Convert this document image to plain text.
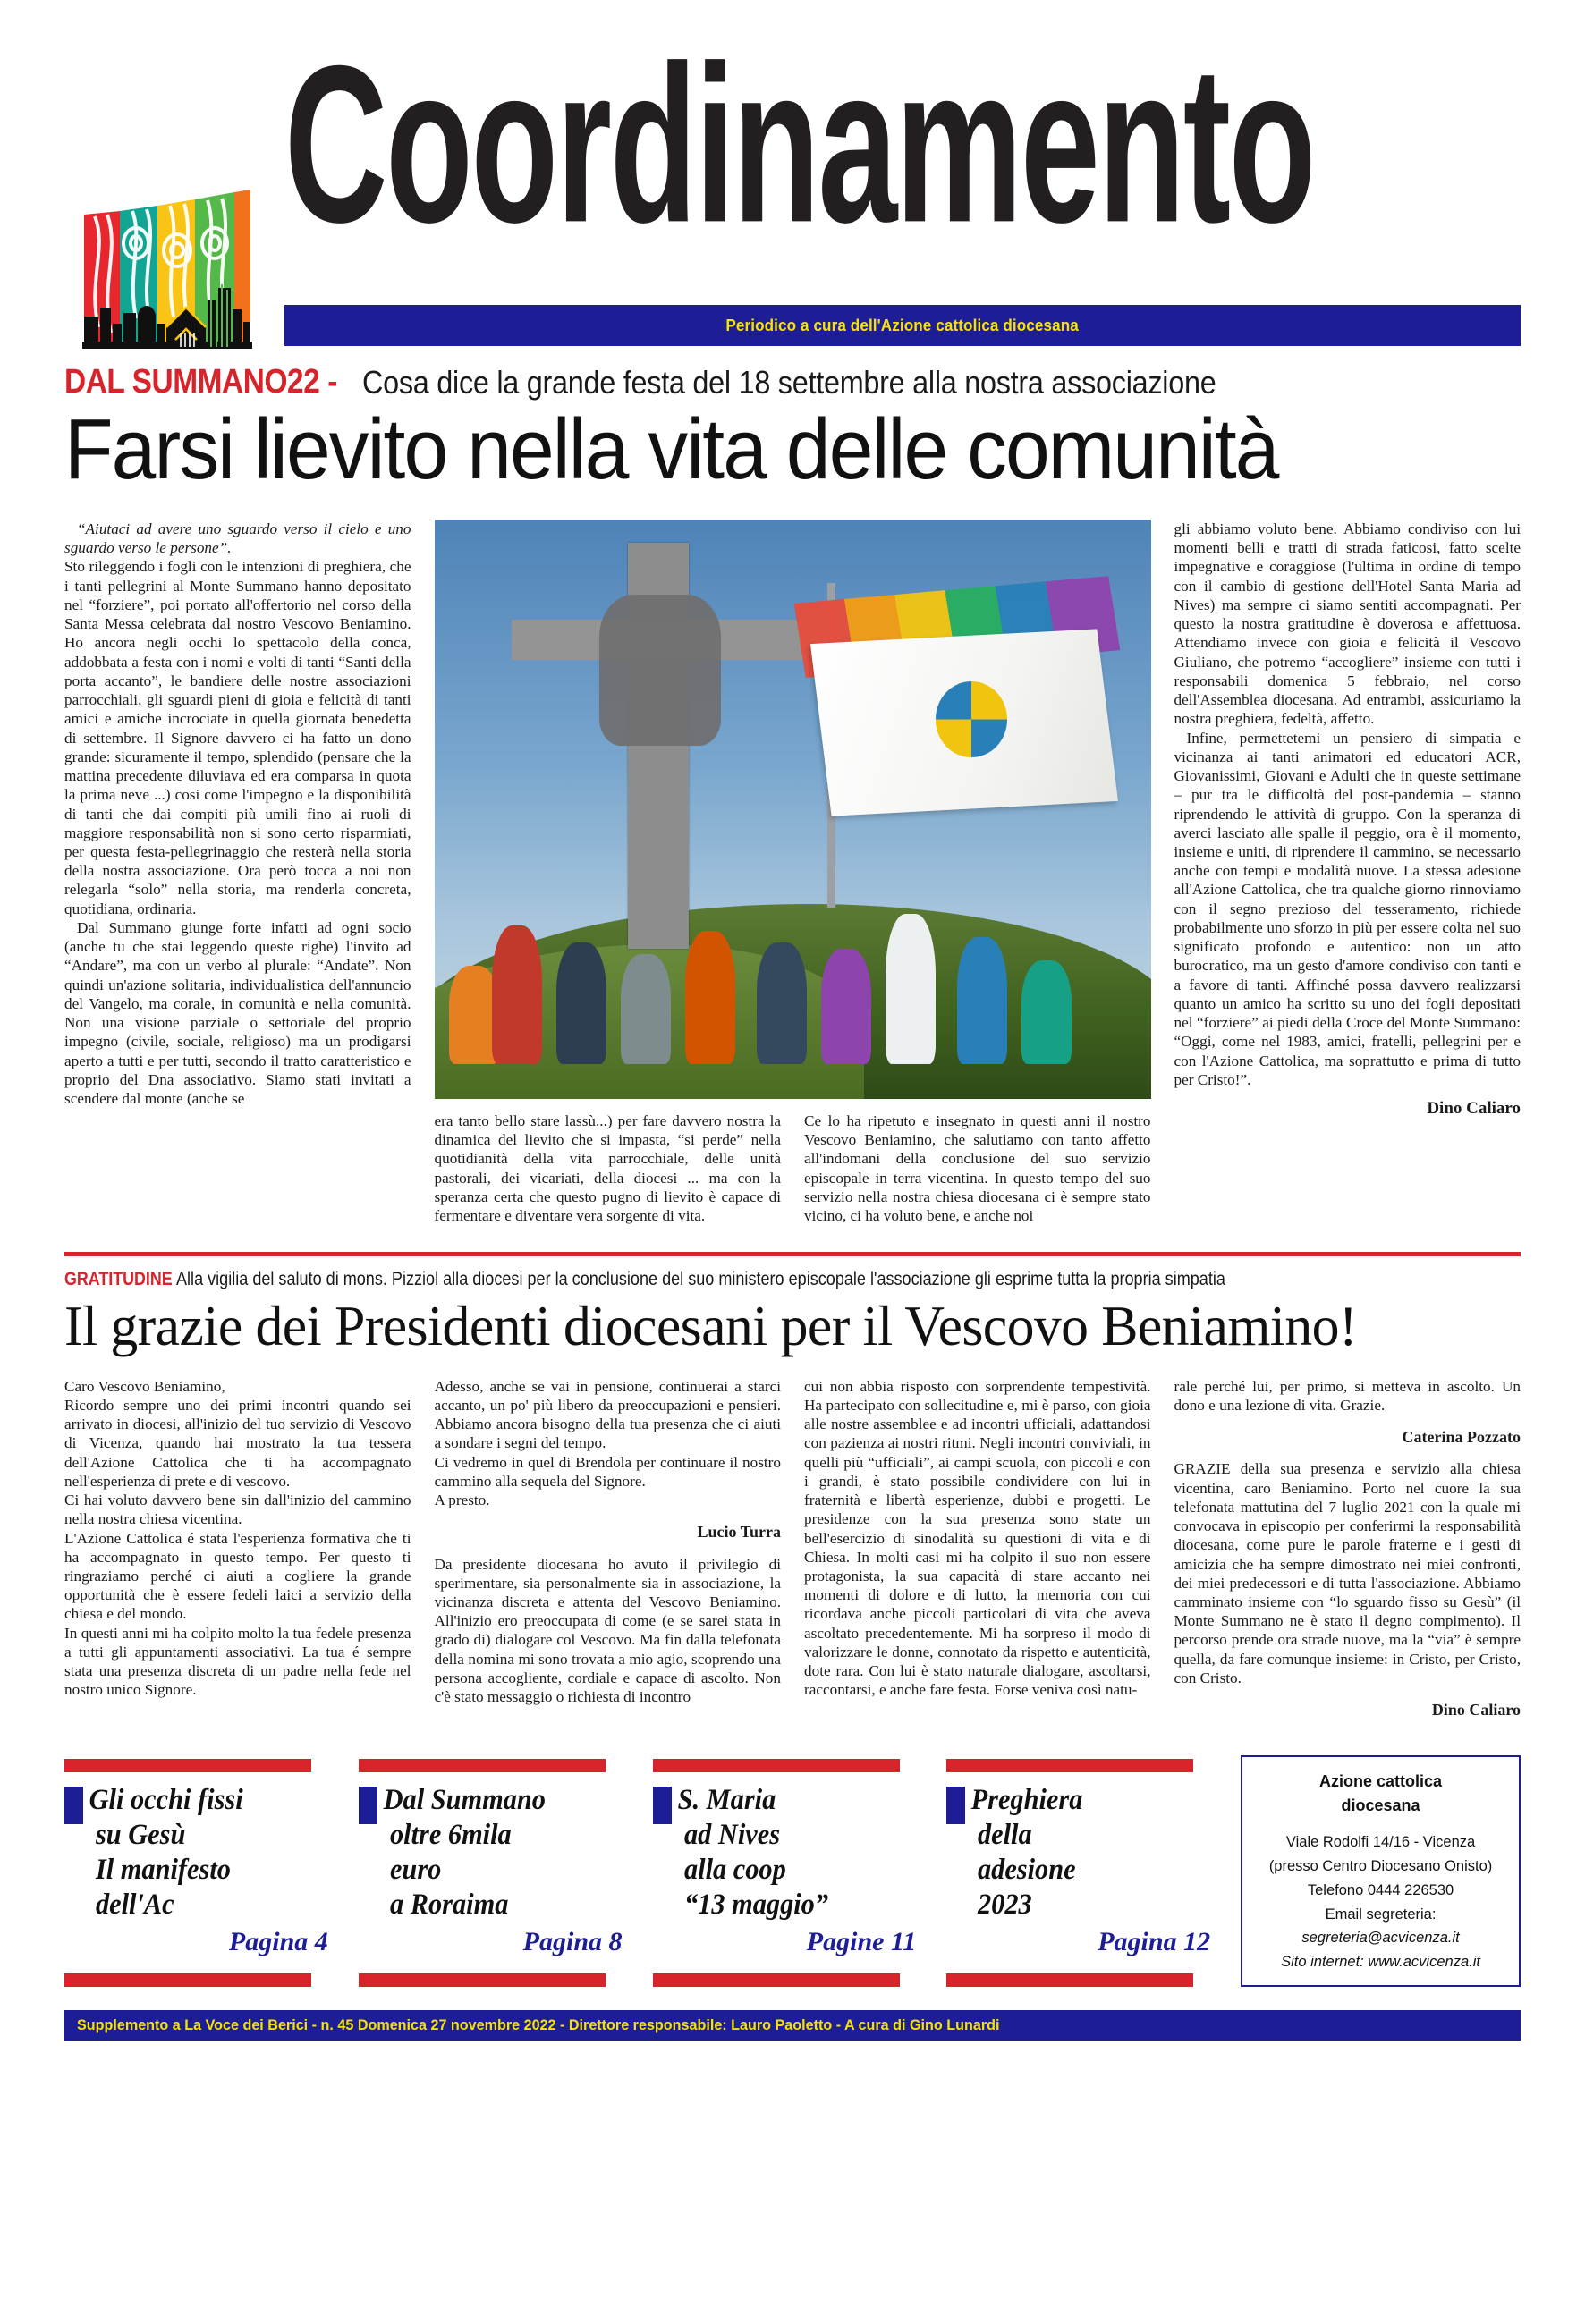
Coordinamento
Periodico a cura dell'Azione cattolica diocesana
DAL SUMMANO22 - Cosa dice la grande festa del 18 settembre alla nostra associazione
Farsi lievito nella vita delle comunità

“Aiutaci ad avere uno sguardo verso il cielo e uno sguardo verso le persone”.

Sto rileggendo i fogli con le intenzioni di preghiera, che i tanti pellegrini al Monte Summano hanno depositato nel “forziere”, poi portato all'offertorio nel corso della Santa Messa celebrata dal nostro Vescovo Beniamino. Ho ancora negli occhi lo spettacolo della conca, addobbata a festa con i nomi e volti di tanti “Santi della porta accanto”, le bandiere delle nostre associazioni parrocchiali, gli sguardi pieni di gioia e felicità di tanti amici e amiche incrociate in quella giornata benedetta di settembre. Il Signore davvero ci ha fatto un dono grande: sicuramente il tempo, splendido (pensare che la mattina precedente diluviava ed era comparsa in quota la prima neve ...) cosi come l'impegno e la disponibilità di tanti che dai compiti più umili fino ai ruoli di maggiore responsabilità non si sono certo risparmiati, per questa festa-pellegrinaggio che resterà nella storia della nostra associazione. Ora però tocca a noi non relegarla “solo” nella storia, ma renderla concreta, quotidiana, ordinaria.

Dal Summano giunge forte infatti ad ogni socio (anche tu che stai leggendo queste righe) l'invito ad “Andare”, ma con un verbo al plurale: “Andate”. Non quindi un'azione solitaria, individualistica dell'annuncio del Vangelo, ma corale, in comunità e nella comunità. Non una visione parziale o settoriale del proprio impegno (civile, sociale, religioso) ma un prodigarsi aperto a tutti e per tutti, secondo il tratto caratteristico e proprio del Dna associativo. Siamo stati invitati a scendere dal monte (anche se

era tanto bello stare lassù...) per fare davvero nostra la dinamica del lievito che si impasta, “si perde” nella quotidianità della vita parrocchiale, delle unità pastorali, dei vicariati, della diocesi ... ma con la speranza certa che questo pugno di lievito è capace di fermentare e diventare vera sorgente di vita.

Ce lo ha ripetuto e insegnato in questi anni il nostro Vescovo Beniamino, che salutiamo con tanto affetto all'indomani della conclusione del suo servizio episcopale in terra vicentina. In questo tempo del suo servizio nella nostra chiesa diocesana ci è sempre stato vicino, ci ha voluto bene, e anche noi

gli abbiamo voluto bene. Abbiamo condiviso con lui momenti belli e tratti di strada faticosi, fatto scelte impegnative e coraggiose (l'ultima in ordine di tempo con il cambio di gestione dell'Hotel Santa Maria ad Nives) ma sempre ci siamo sentiti accompagnati. Per questo la nostra gratitudine è doverosa e affettuosa. Attendiamo invece con gioia e felicità il Vescovo Giuliano, che potremo “accogliere” insieme con tutti i responsabili domenica 5 febbraio, nel corso dell'Assemblea diocesana. Ad entrambi, assicuriamo la nostra preghiera, fedeltà, affetto.

Infine, permettetemi un pensiero di simpatia e vicinanza ai tanti animatori ed educatori ACR, Giovanissimi, Giovani e Adulti che in queste settimane – pur tra le difficoltà del post-pandemia – stanno riprendendo le attività di gruppo. Con la speranza di averci lasciato alle spalle il peggio, ora è il momento, insieme e uniti, di riprendere il cammino, se necessario anche con tempi e modalità nuove. La stessa adesione all'Azione Cattolica, che tra qualche giorno rinnoviamo con il segno prezioso del tesseramento, richiede probabilmente uno sforzo in più per essere colta nel suo significato profondo e autentico: non un atto burocratico, ma un gesto d'amore condiviso con tanti e a favore di tanti. Affinché possa davvero realizzarsi quanto un amico ha scritto su uno dei fogli depositati nel “forziere” ai piedi della Croce del Monte Summano: “Oggi, come nel 1983, amici, fratelli, pellegrini per e con l'Azione Cattolica, ma soprattutto e prima di tutto per Cristo!”.

Dino Caliaro
GRATITUDINE Alla vigilia del saluto di mons. Pizziol alla diocesi per la conclusione del suo ministero episcopale l'associazione gli esprime tutta la propria simpatia
Il grazie dei Presidenti diocesani per il Vescovo Beniamino!

Caro Vescovo Beniamino,

Ricordo sempre uno dei primi incontri quando sei arrivato in diocesi, all'inizio del tuo servizio di Vescovo di Vicenza, quando hai mostrato la tua tessera dell'Azione Cattolica che ti ha accompagnato nell'esperienza di prete e di vescovo.

Ci hai voluto davvero bene sin dall'inizio del cammino nella nostra chiesa vicentina.

L'Azione Cattolica é stata l'esperienza formativa che ti ha accompagnato in questo tempo. Per questo ti ringraziamo perché ci aiuti a cogliere la grande opportunità che è essere fedeli laici a servizio della chiesa e del mondo.

In questi anni mi ha colpito molto la tua fedele presenza a tutti gli appuntamenti associativi. La tua é sempre stata una presenza discreta di un padre nella fede nel nostro unico Signore.

Adesso, anche se vai in pensione, continuerai a starci accanto, un po' più libero da preoccupazioni e pensieri. Abbiamo ancora bisogno della tua presenza che ci aiuti a sondare i segni del tempo.

Ci vedremo in quel di Brendola per continuare il nostro cammino alla sequela del Signore.

A presto.

Lucio Turra

Da presidente diocesana ho avuto il privilegio di sperimentare, sia personalmente sia in associazione, la vicinanza discreta e attenta del Vescovo Beniamino. All'inizio ero preoccupata di come (e se sarei stata in grado di) dialogare col Vescovo. Ma fin dalla telefonata della nomina mi sono trovata a mio agio, scoprendo una persona accogliente, cordiale e capace di ascolto. Non c'è stato messaggio o richiesta di incontro

cui non abbia risposto con sorprendente tempestività. Ha partecipato con sollecitudine e, mi è parso, con gioia alle nostre assemblee e ad incontri ufficiali, adattandosi con pazienza ai nostri ritmi. Negli incontri conviviali, in quelli più “ufficiali”, ai campi scuola, con piccoli e con i grandi, è stato possibile condividere con lui in fraternità e libertà esperienze, dubbi e progetti. Le presidenze con la sua presenza sono state un bell'esercizio di sinodalità su questioni di vita e di Chiesa. In molti casi mi ha colpito il suo non essere protagonista, la sua capacità di stare accanto nei momenti di dolore e di lutto, la memoria con cui ricordava anche piccoli particolari di vita che aveva ascoltato precedentemente. Mi ha sorpreso il modo di valorizzare le donne, connotato da rispetto e autenticità, dote rara. Con lui è stato naturale dialogare, ascoltarsi, raccontarsi, e anche fare festa. Forse veniva così natu-

rale perché lui, per primo, si metteva in ascolto. Un dono e una lezione di vita. Grazie.

Caterina Pozzato

GRAZIE della sua presenza e servizio alla chiesa vicentina, caro Beniamino. Porto nel cuore la sua telefonata mattutina del 7 luglio 2021 con la quale mi convocava in episcopio per conferirmi la responsabilità diocesana, come pure le parole fraterne e i gesti di amicizia che ha sempre dimostrato nei miei confronti, dei miei predecessori e di tutta l'associazione. Abbiamo camminato insieme con “lo sguardo fisso su Gesù” (il Monte Summano ne è stato il degno compimento). Il percorso prende ora strade nuove, ma la “via” è sempre quella, da fare comunque insieme: in Cristo, per Cristo, con Cristo.

Dino Caliaro
Gli occhi fissi
su Gesù
Il manifesto
dell'Ac
Pagina 4
Dal Summano
oltre 6mila
euro
a Roraima
Pagina 8
S. Maria
ad Nives
alla coop
“13 maggio”
Pagine 11
Preghiera
della
adesione
2023
Pagina 12
Azione cattolica
diocesana
Viale Rodolfi 14/16 - Vicenza
(presso Centro Diocesano Onisto)
Telefono 0444 226530
Email segreteria:
segreteria@acvicenza.it
Sito internet: www.acvicenza.it
Supplemento a La Voce dei Berici - n. 45 Domenica 27 novembre 2022 - Direttore responsabile: Lauro Paoletto - A cura di Gino Lunardi
